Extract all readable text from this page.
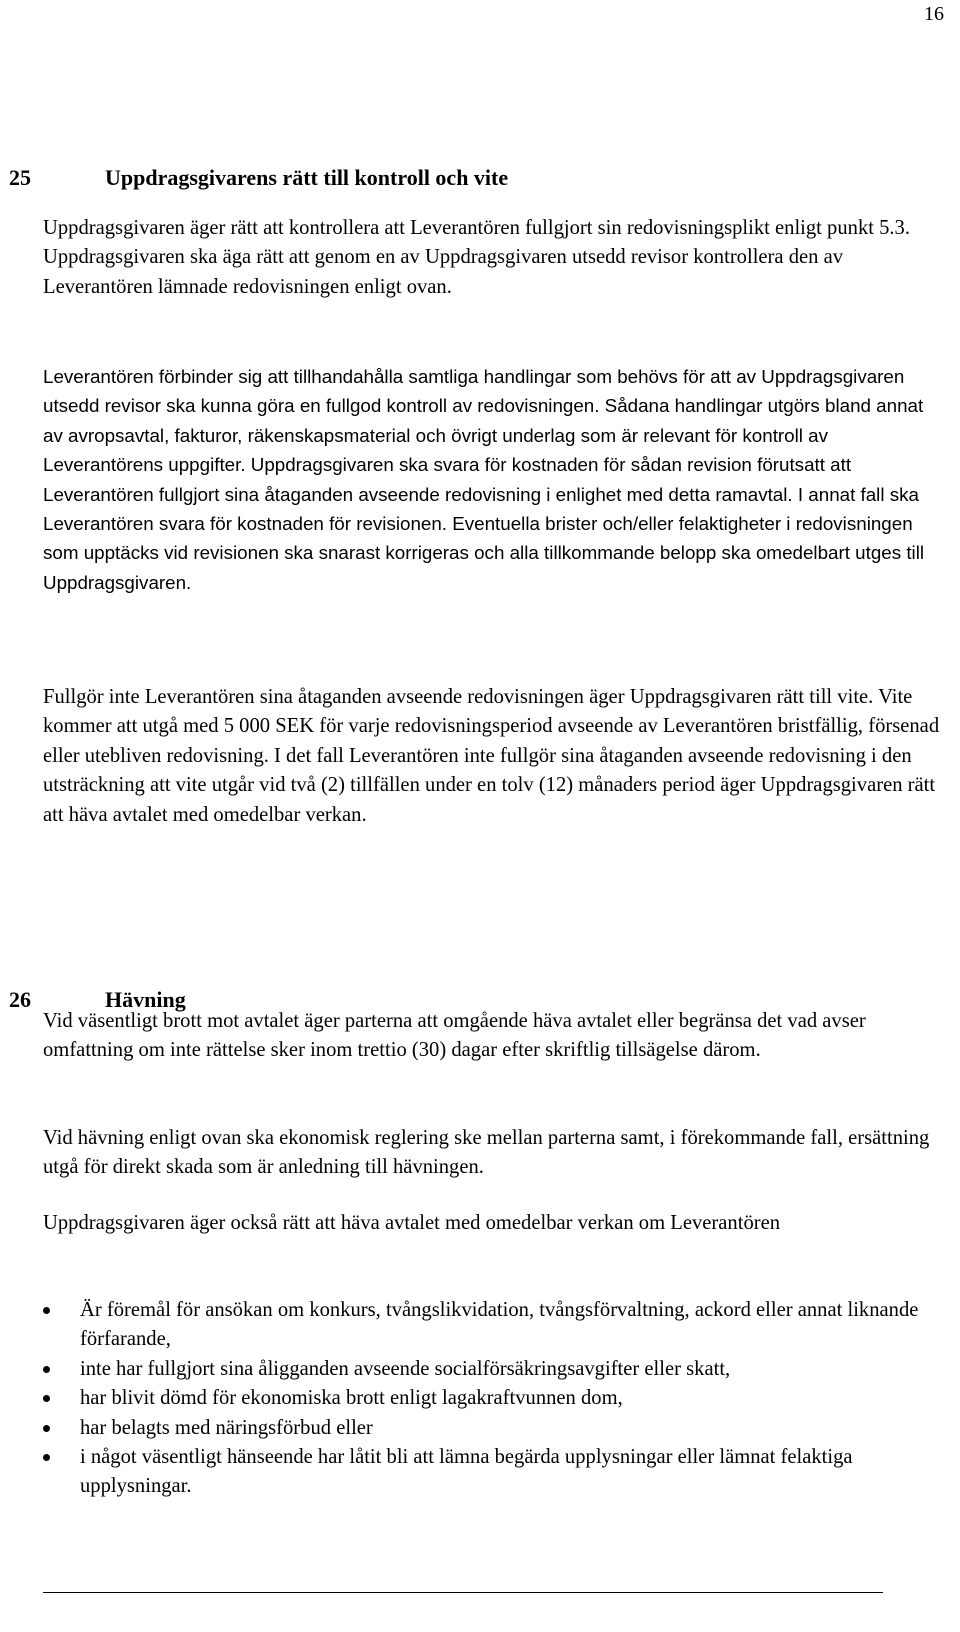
16
25	Uppdragsgivarens rätt till kontroll och vite

Uppdragsgivaren äger rätt att kontrollera att Leverantören fullgjort sin redovisningsplikt enligt punkt 5.3. Uppdragsgivaren ska äga rätt att genom en av Uppdragsgivaren utsedd revisor kontrollera den av Leverantören lämnade redovisningen enligt ovan.

Leverantören förbinder sig att tillhandahålla samtliga handlingar som behövs för att av Uppdragsgivaren utsedd revisor ska kunna göra en fullgod kontroll av redovisningen. Sådana handlingar utgörs bland annat av avropsavtal, fakturor, räkenskapsmaterial och övrigt underlag som är relevant för kontroll av Leverantörens uppgifter. Uppdragsgivaren ska svara för kostnaden för sådan revision förutsatt att Leverantören fullgjort sina åtaganden avseende redovisning i enlighet med detta ramavtal. I annat fall ska Leverantören svara för kostnaden för revisionen. Eventuella brister och/eller felaktigheter i redovisningen som upptäcks vid revisionen ska snarast korrigeras och alla tillkommande belopp ska omedelbart utges till Uppdragsgivaren.

Fullgör inte Leverantören sina åtaganden avseende redovisningen äger Uppdragsgivaren rätt till vite. Vite kommer att utgå med 5 000 SEK för varje redovisningsperiod avseende av Leverantören bristfällig, försenad eller utebliven redovisning. I det fall Leverantören inte fullgör sina åtaganden avseende redovisning i den utsträckning att vite utgår vid två (2) tillfällen under en tolv (12) månaders period äger Uppdragsgivaren rätt att häva avtalet med omedelbar verkan.

26	Hävning

Vid väsentligt brott mot avtalet äger parterna att omgående häva avtalet eller begränsa det vad avser omfattning om inte rättelse sker inom trettio (30) dagar efter skriftlig tillsägelse därom.

Vid hävning enligt ovan ska ekonomisk reglering ske mellan parterna samt, i förekommande fall, ersättning utgå för direkt skada som är anledning till hävningen.

Uppdragsgivaren äger också rätt att häva avtalet med omedelbar verkan om Leverantören

Är föremål för ansökan om konkurs, tvångslikvidation, tvångsförvaltning, ackord eller annat liknande förfarande,
inte har fullgjort sina åligganden avseende socialförsäkringsavgifter eller skatt,
har blivit dömd för ekonomiska brott enligt lagakraftvunnen dom,
har belagts med näringsförbud eller
i något väsentligt hänseende har låtit bli att lämna begärda upplysningar eller lämnat felaktiga upplysningar.
